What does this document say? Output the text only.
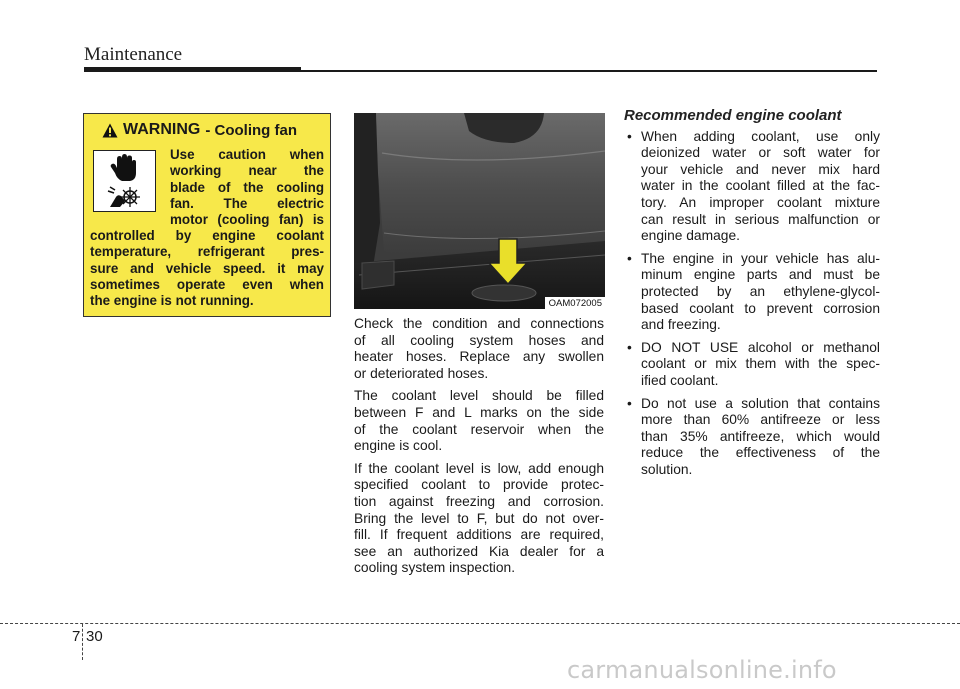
Maintenance
WARNING - Cooling fan
Use caution when
working near the
blade of the cooling
fan. The electric
motor (cooling fan) is
controlled by engine coolant
temperature, refrigerant pres-
sure and vehicle speed. it may
sometimes operate even when
the engine is not running.	OAM072005

Check the condition and connections
of all cooling system hoses and
heater hoses. Replace any swollen
or deteriorated hoses.

The coolant level should be filled
between F and L marks on the side
of the coolant reservoir when the
engine is cool.

If the coolant level is low, add enough
specified coolant to provide protec-
tion against freezing and corrosion.
Bring the level to F, but do not over-
fill. If frequent additions are required,
see an authorized Kia dealer for a
cooling system inspection.

Recommended engine coolant
• When adding coolant, use only
deionized water or soft water for
your vehicle and never mix hard
water in the coolant filled at the fac-
tory. An improper coolant mixture
can result in serious malfunction or
engine damage.
• The engine in your vehicle has alu-
minum engine parts and must be
protected by an ethylene-glycol-
based coolant to prevent corrosion
and freezing.
• DO NOT USE alcohol or methanol
coolant or mix them with the spec-
ified coolant.
• Do not use a solution that contains
more than 60% antifreeze or less
than 35% antifreeze, which would
reduce the effectiveness of the
solution.
7 30
carmanualsonline.info
